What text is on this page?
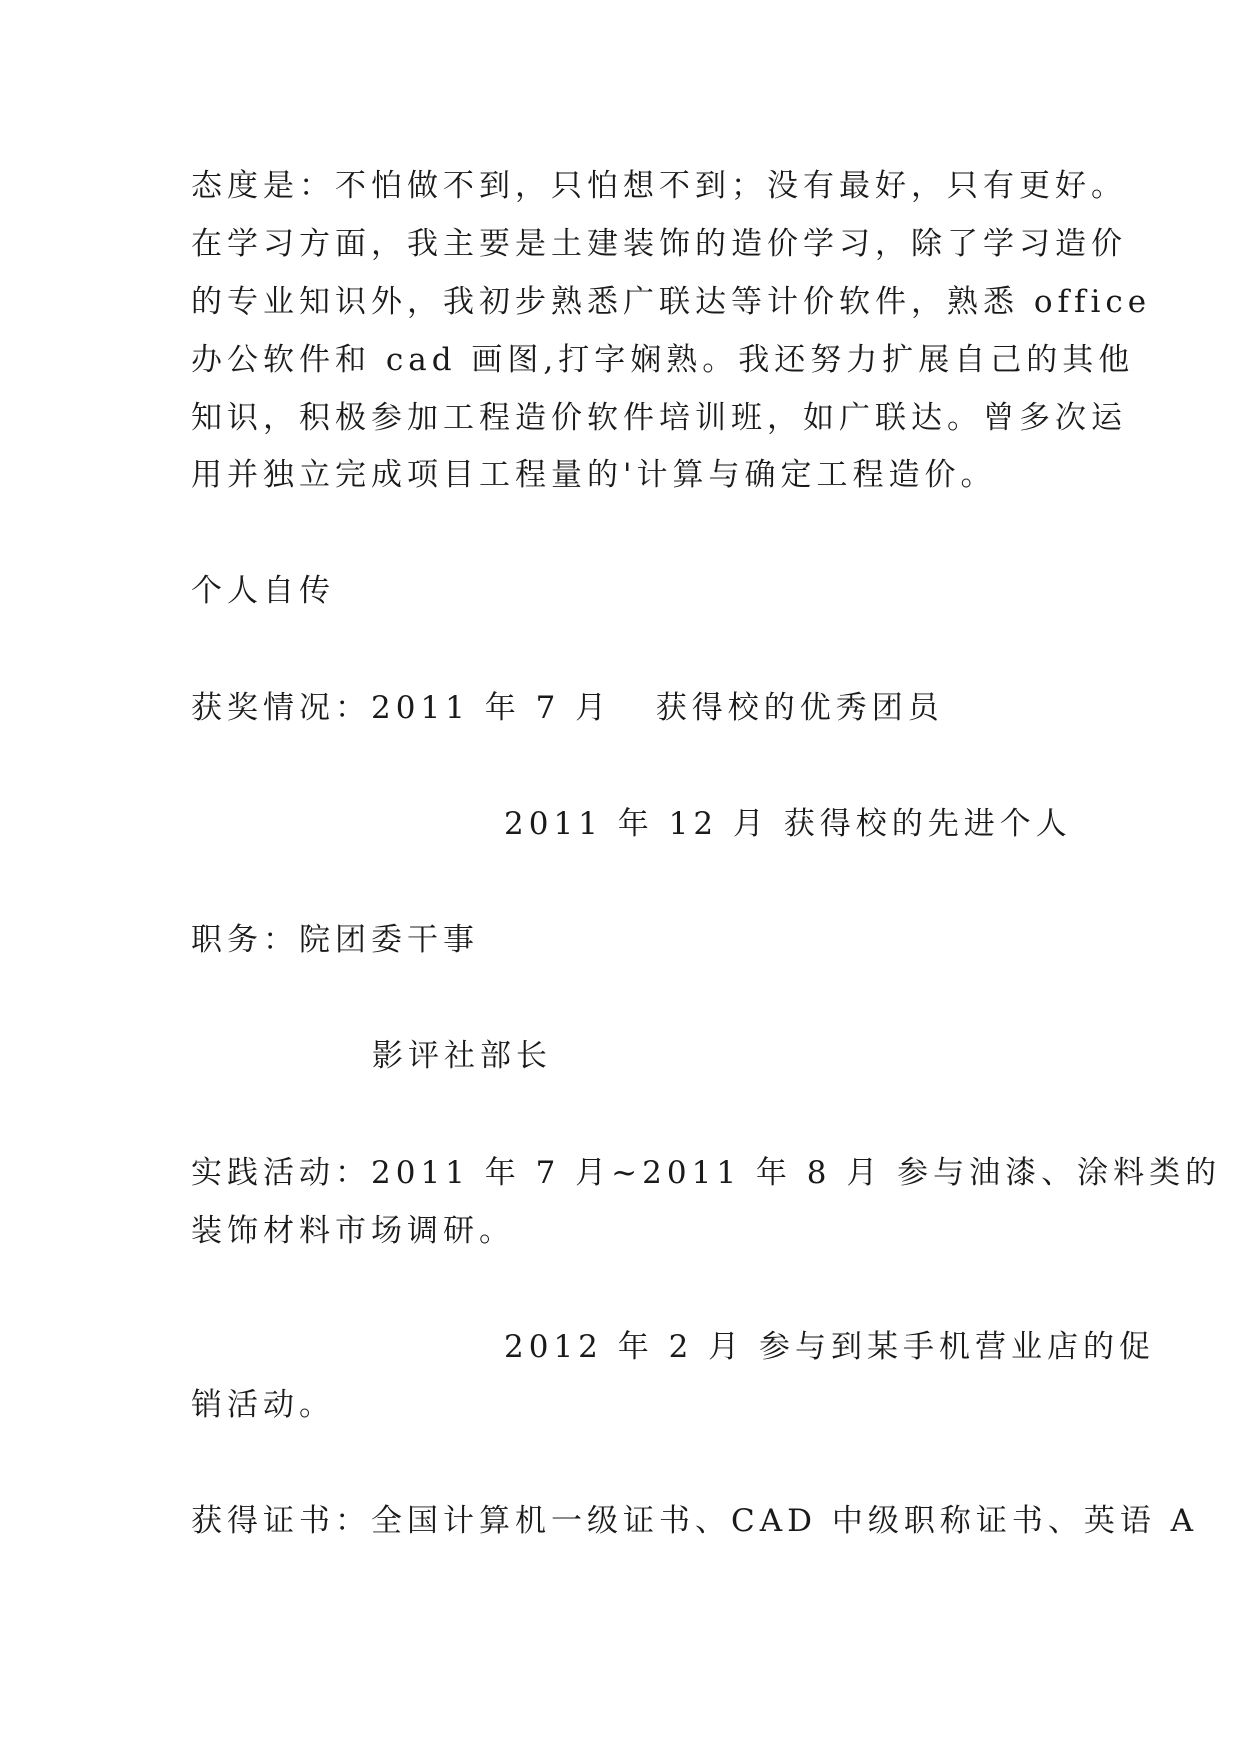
态度是：不怕做不到，只怕想不到；没有最好，只有更好。

在学习方面，我主要是土建装饰的造价学习，除了学习造价

的专业知识外，我初步熟悉广联达等计价软件，熟悉 office

办公软件和 cad 画图,打字娴熟。我还努力扩展自己的其他

知识，积极参加工程造价软件培训班，如广联达。曾多次运

用并独立完成项目工程量的'计算与确定工程造价。

个人自传

获奖情况：2011 年 7 月   获得校的优秀团员

2011 年 12 月 获得校的先进个人

职务：院团委干事

影评社部长

实践活动：2011 年 7 月~2011 年 8 月 参与油漆、涂料类的

装饰材料市场调研。

2012 年 2 月 参与到某手机营业店的促

销活动。

获得证书：全国计算机一级证书、CAD 中级职称证书、英语 A
